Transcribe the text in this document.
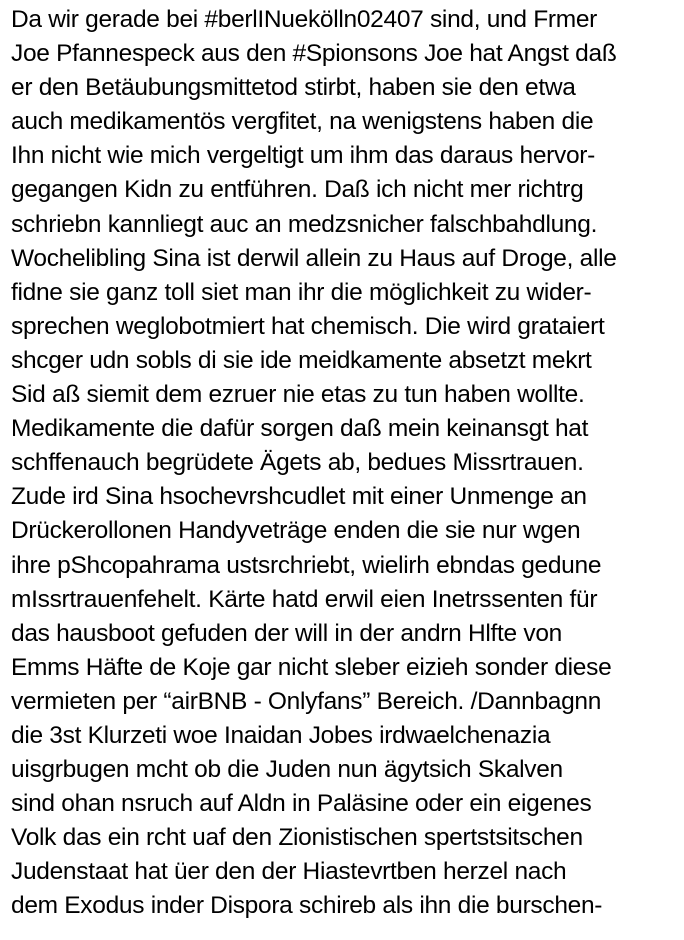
Da wir gerade bei #berlINuekölln02407 sind, und Frmer
Joe Pfannespeck aus den #Spionsons Joe hat Angst daß
er den Betäubungsmittetod stirbt, haben sie den etwa
auch medikamentös vergfitet, na wenigstens haben die
Ihn nicht wie mich vergeltigt um ihm das daraus hervor-
gegangen Kidn zu entführen. Daß ich nicht mer richtrg
schriebn kannliegt auc an medzsnicher falschbahdlung.
Wochelibling Sina ist derwil allein zu Haus auf Droge, alle
fidne sie ganz toll siet man ihr die möglichkeit zu wider-
sprechen weglobotmiert hat chemisch. Die wird grataiert
shcger udn sobls di sie ide meidkamente absetzt mekrt
Sid aß siemit dem ezruer nie etas zu tun haben wollte.
Medikamente die dafür sorgen daß mein keinansgt hat
schffenauch begrüdete Ägets ab, bedues Missrtrauen.
Zude ird Sina hsochevrshcudlet mit einer Unmenge an
Drückerollonen Handyveträge enden die sie nur wgen
ihre pShcopahrama ustsrchriebt, wielirh ebndas gedune
mIssrtrauenfehelt. Kärte hatd erwil eien Inetrssenten für
das hausboot gefuden der will in der andrn Hlfte von
Emms Häfte de Koje gar nicht sleber eizieh sonder diese
vermieten per “airBNB - Onlyfans” Bereich. /Dannbagnn
die 3st Klurzeti woe Inaidan Jobes irdwaelchenazia
uisgrbugen mcht ob die Juden nun ägytsich Skalven
sind ohan nsruch auf Aldn in Paläsine oder ein eigenes
Volk das ein rcht uaf den Zionistischen spertstsitschen
Judenstaat hat üer den der Hiastevrtben herzel nach
dem Exodus inder Dispora schireb als ihn die burschen-
